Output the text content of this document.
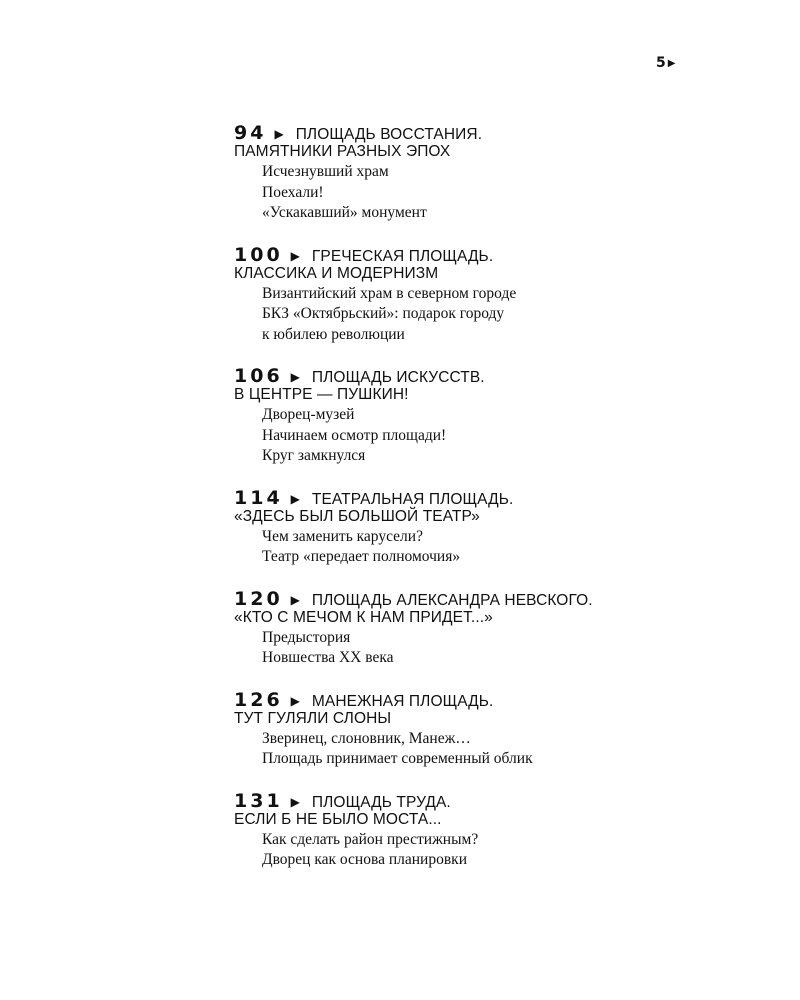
5 ▶
94 ▶ ПЛОЩАДЬ ВОССТАНИЯ.
ПАМЯТНИКИ РАЗНЫХ ЭПОХ
Исчезнувший храм
Поехали!
«Ускакавший» монумент
100 ▶ ГРЕЧЕСКАЯ ПЛОЩАДЬ.
КЛАССИКА И МОДЕРНИЗМ
Византийский храм в северном городе
БКЗ «Октябрьский»: подарок городу
к юбилею революции
106 ▶ ПЛОЩАДЬ ИСКУССТВ.
В ЦЕНТРЕ — ПУШКИН!
Дворец-музей
Начинаем осмотр площади!
Круг замкнулся
114 ▶ ТЕАТРАЛЬНАЯ ПЛОЩАДЬ.
«ЗДЕСЬ БЫЛ БОЛЬШОЙ ТЕАТР»
Чем заменить карусели?
Театр «передает полномочия»
120 ▶ ПЛОЩАДЬ АЛЕКСАНДРА НЕВСКОГО.
«КТО С МЕЧОМ К НАМ ПРИДЕТ...»
Предыстория
Новшества XX века
126 ▶ МАНЕЖНАЯ ПЛОЩАДЬ.
ТУТ ГУЛЯЛИ СЛОНЫ
Зверинец, слоновник, Манеж…
Площадь принимает современный облик
131 ▶ ПЛОЩАДЬ ТРУДА.
ЕСЛИ Б НЕ БЫЛО МОСТА...
Как сделать район престижным?
Дворец как основа планировки
